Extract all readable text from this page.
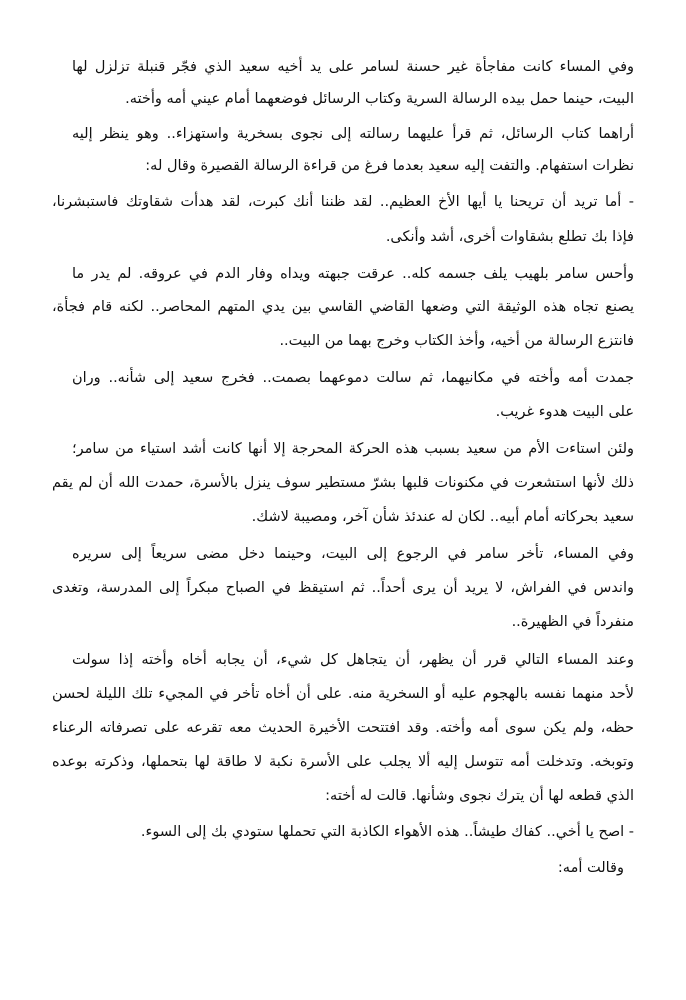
وفي المساء كانت مفاجأة غير حسنة لسامر على يد أخيه سعيد الذي فجّر قنبلة تزلزل لها
البيت، حينما حمل بيده الرسالة السرية وكتاب الرسائل فوضعهما أمام عيني أمه وأخته.
أراهما كتاب الرسائل، ثم قرأ عليهما رسالته إلى نجوى بسخرية واستهزاء.. وهو ينظر إليه
نظرات استفهام. والتفت إليه سعيد بعدما فرغ من قراءة الرسالة القصيرة وقال له:
- أما تريد أن تريحنا يا أيها الأخ العظيم.. لقد ظننا أنك كبرت، لقد هدأت شقاوتك فاستبشرنا،
فإذا بك تطلع بشقاوات أخرى، أشد وأنكى.
وأحس سامر بلهيب يلف جسمه كله.. عرقت جبهته ويداه وفار الدم في عروقه. لم يدر ما
يصنع تجاه هذه الوثيقة التي وضعها القاضي القاسي بين يدي المتهم المحاصر.. لكنه قام فجأة،
فانتزع الرسالة من أخيه، وأخذ الكتاب وخرج بهما من البيت..
جمدت أمه وأخته في مكانيهما، ثم سالت دموعهما بصمت.. فخرج سعيد إلى شأنه.. وران
على البيت هدوء غريب.
ولئن استاءت الأم من سعيد بسبب هذه الحركة المحرجة إلا أنها كانت أشد استياء من سامر؛
ذلك لأنها استشعرت في مكنونات قلبها بشرّ مستطير سوف ينزل بالأسرة، حمدت الله أن لم يقم
سعيد بحركاته أمام أبيه.. لكان له عندئذ شأن آخر، ومصيبة لاشك.
وفي المساء، تأخر سامر في الرجوع إلى البيت، وحينما دخل مضى سريعاً إلى سريره
واندس في الفراش، لا يريد أن يرى أحداً.. ثم استيقظ في الصباح مبكراً إلى المدرسة، وتغدى
منفرداً في الظهيرة..
وعند المساء التالي قرر أن يظهر، أن يتجاهل كل شيء، أن يجابه أخاه وأخته إذا سولت
لأحد منهما نفسه بالهجوم عليه أو السخرية منه. على أن أخاه تأخر في المجيء تلك الليلة لحسن
حظه، ولم يكن سوى أمه وأخته. وقد افتتحت الأخيرة الحديث معه تقرعه على تصرفاته الرعناء
وتوبخه. وتدخلت أمه تتوسل إليه ألا يجلب على الأسرة نكبة لا طاقة لها بتحملها، وذكرته بوعده
الذي قطعه لها أن يترك نجوى وشأنها. قالت له أخته:
- اصح يا أخي.. كفاك طيشاً.. هذه الأهواء الكاذبة التي تحملها ستودي بك إلى السوء.
وقالت أمه:
